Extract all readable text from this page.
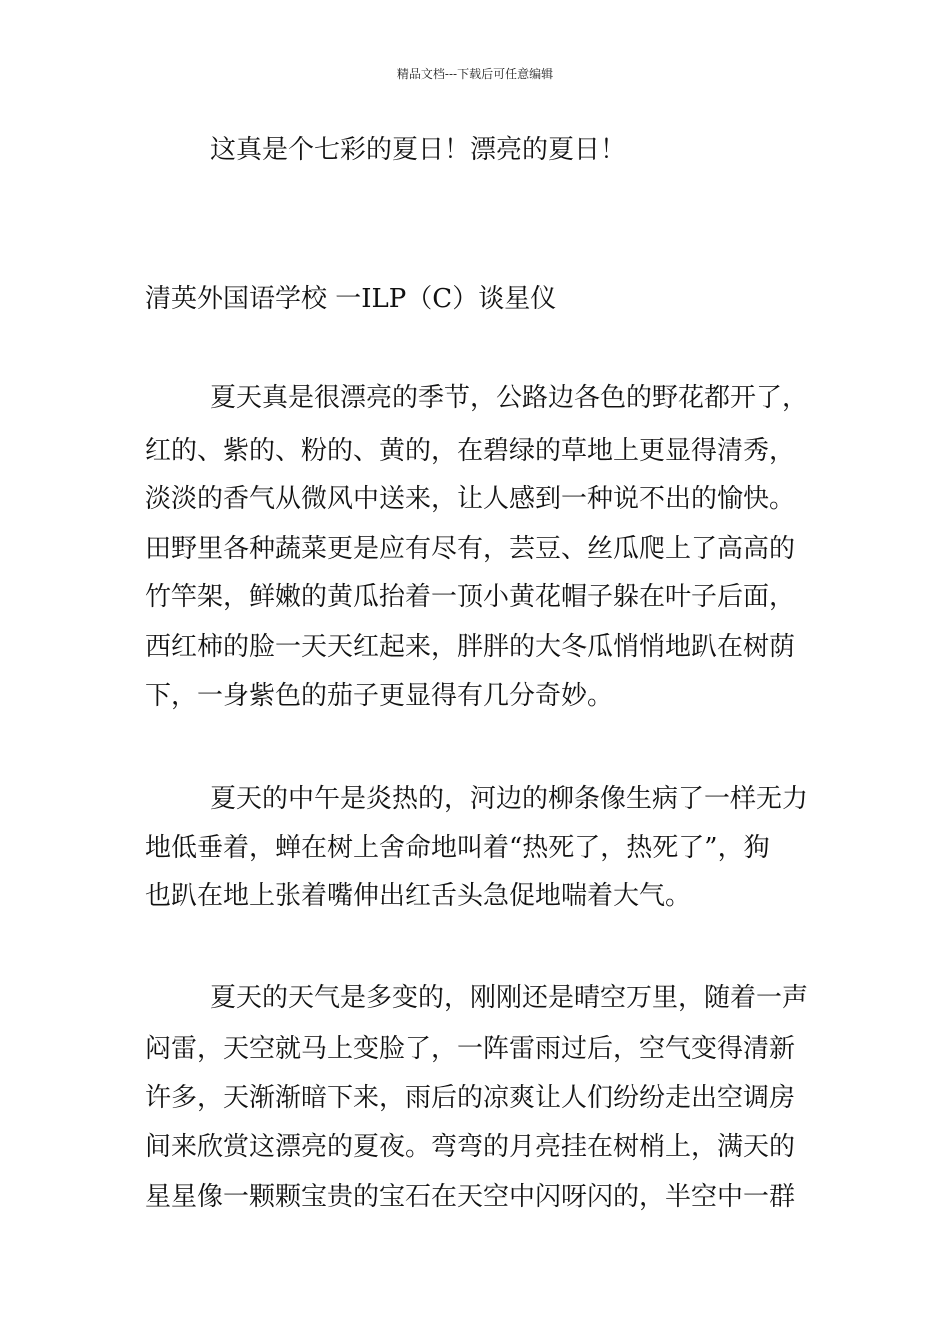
精品文档---下载后可任意编辑
这真是个七彩的夏日！漂亮的夏日！
清英外国语学校 一ILP（C）谈星仪
夏天真是很漂亮的季节，公路边各色的野花都开了，
红的、紫的、粉的、黄的，在碧绿的草地上更显得清秀，
淡淡的香气从微风中送来，让人感到一种说不出的愉快。
田野里各种蔬菜更是应有尽有，芸豆、丝瓜爬上了高高的
竹竿架，鲜嫩的黄瓜抬着一顶小黄花帽子躲在叶子后面，
西红柿的脸一天天红起来，胖胖的大冬瓜悄悄地趴在树荫
下，一身紫色的茄子更显得有几分奇妙。
夏天的中午是炎热的，河边的柳条像生病了一样无力
地低垂着，蝉在树上舍命地叫着“热死了，热死了”，狗
也趴在地上张着嘴伸出红舌头急促地喘着大气。
夏天的天气是多变的，刚刚还是晴空万里，随着一声
闷雷，天空就马上变脸了，一阵雷雨过后，空气变得清新
许多，天渐渐暗下来，雨后的凉爽让人们纷纷走出空调房
间来欣赏这漂亮的夏夜。弯弯的月亮挂在树梢上，满天的
星星像一颗颗宝贵的宝石在天空中闪呀闪的，半空中一群
